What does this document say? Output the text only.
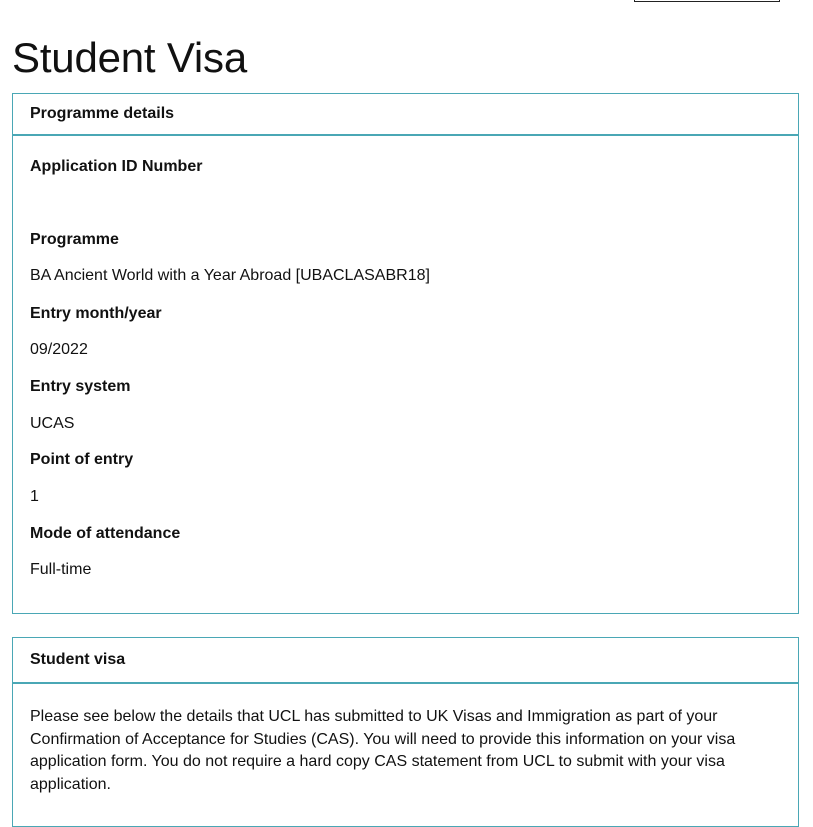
Student Visa
Programme details
Application ID Number
Programme
BA Ancient World with a Year Abroad [UBACLASABR18]
Entry month/year
09/2022
Entry system
UCAS
Point of entry
1
Mode of attendance
Full-time
Student visa
Please see below the details that UCL has submitted to UK Visas and Immigration as part of your Confirmation of Acceptance for Studies (CAS). You will need to provide this information on your visa application form. You do not require a hard copy CAS statement from UCL to submit with your visa application.
